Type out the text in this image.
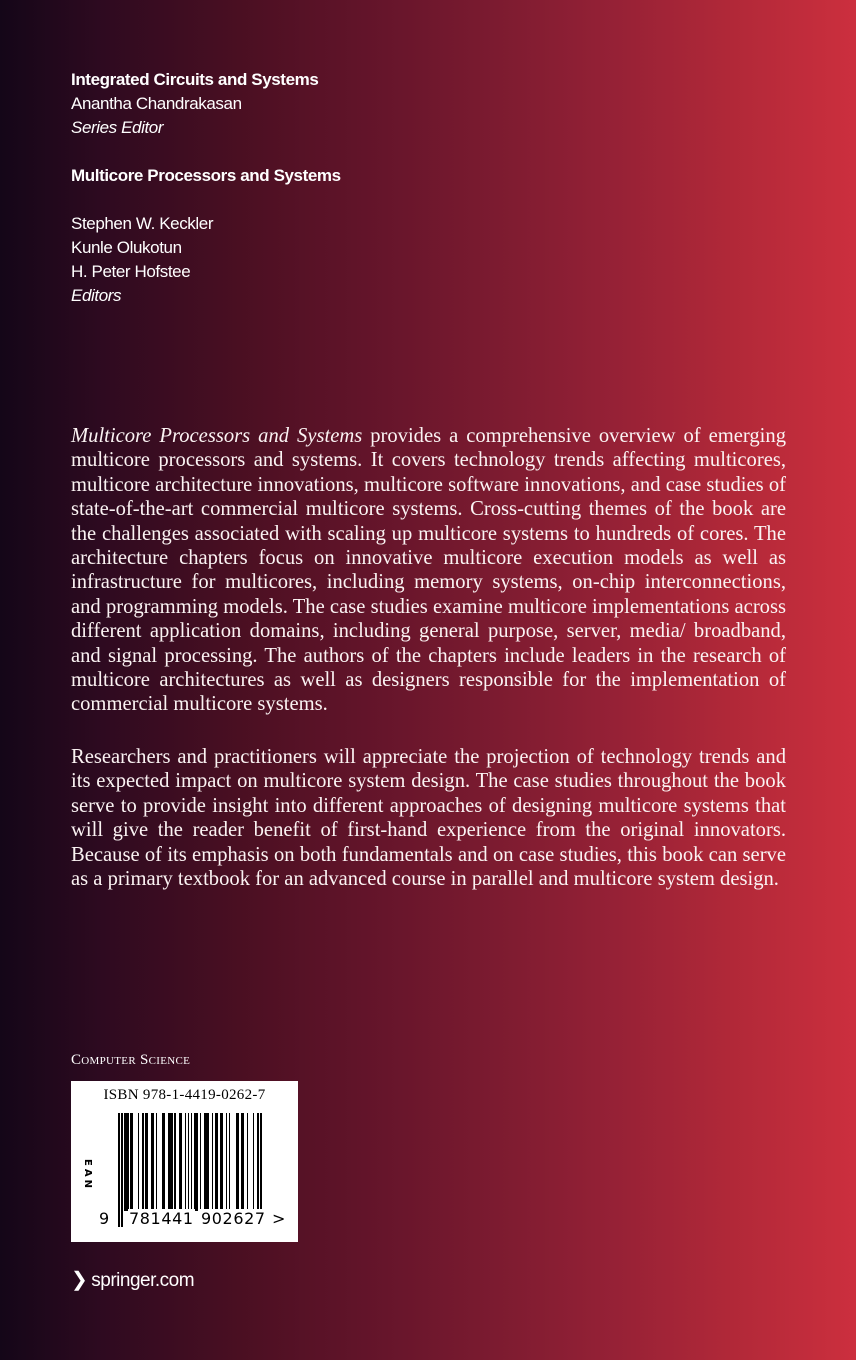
Integrated Circuits and Systems
Anantha Chandrakasan
Series Editor
Multicore Processors and Systems
Stephen W. Keckler
Kunle Olukotun
H. Peter Hofstee
Editors

Multicore Processors and Systems provides a comprehensive overview of emerging multicore processors and systems. It covers technology trends affecting multicores, multicore architecture innovations, multicore software innovations, and case studies of state-of-the-art commercial multicore systems. Cross-cutting themes of the book are the challenges associated with scaling up multicore systems to hundreds of cores. The architecture chapters focus on innovative multicore execution models as well as infrastructure for multicores, including memory systems, on-chip interconnections, and programming models. The case studies examine multicore implementations across different application domains, including general purpose, server, media/ broadband, and signal processing. The authors of the chapters include leaders in the research of multicore architectures as well as designers responsible for the implementation of commercial multicore systems.

Researchers and practitioners will appreciate the projection of technology trends and its expected impact on multicore system design. The case studies throughout the book serve to provide insight into different approaches of designing multicore systems that will give the reader benefit of first-hand experience from the original innovators. Because of its emphasis on both fundamentals and on case studies, this book can serve as a primary textbook for an advanced course in parallel and multicore system design.

Computer Science
ISBN 978-1-4419-0262-7
EAN
9 781441 902627 >
❯ springer.com
